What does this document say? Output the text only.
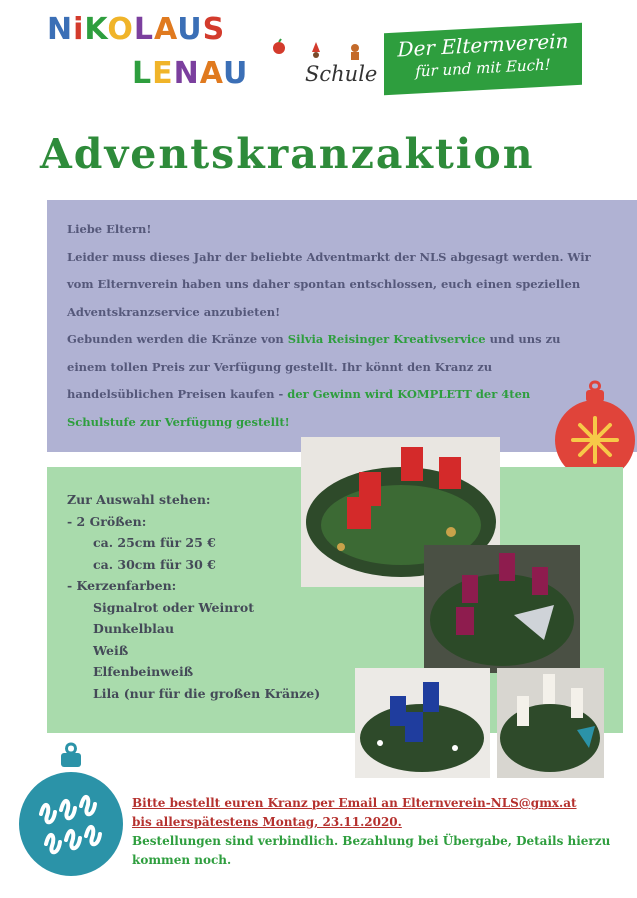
NiKOLAUS
LENAU	Schule
Der Elternverein
für und mit Euch!
Adventskranzaktion

Liebe Eltern!

Leider muss dieses Jahr der beliebte Adventmarkt der NLS abgesagt werden. Wir vom Elternverein haben uns daher spontan entschlossen, euch einen speziellen Adventskranzservice anzubieten!

Gebunden werden die Kränze von Silvia Reisinger Kreativservice und uns zu einem tollen Preis zur Verfügung gestellt. Ihr könnt den Kranz zu handelsüblichen Preisen kaufen - der Gewinn wird KOMPLETT der 4ten Schulstufe zur Verfügung gestellt!

Zur Auswahl stehen:
- 2 Größen:
ca. 25cm für 25 €
ca. 30cm für 30 €
- Kerzenfarben:
Signalrot oder Weinrot
Dunkelblau
Weiß
Elfenbeinweiß
Lila (nur für die großen Kränze)
Bitte bestellt euren Kranz per Email an Elternverein-NLS@gmx.at
bis allerspätestens Montag, 23.11.2020.
Bestellungen sind verbindlich. Bezahlung bei Übergabe, Details hierzu kommen noch.
